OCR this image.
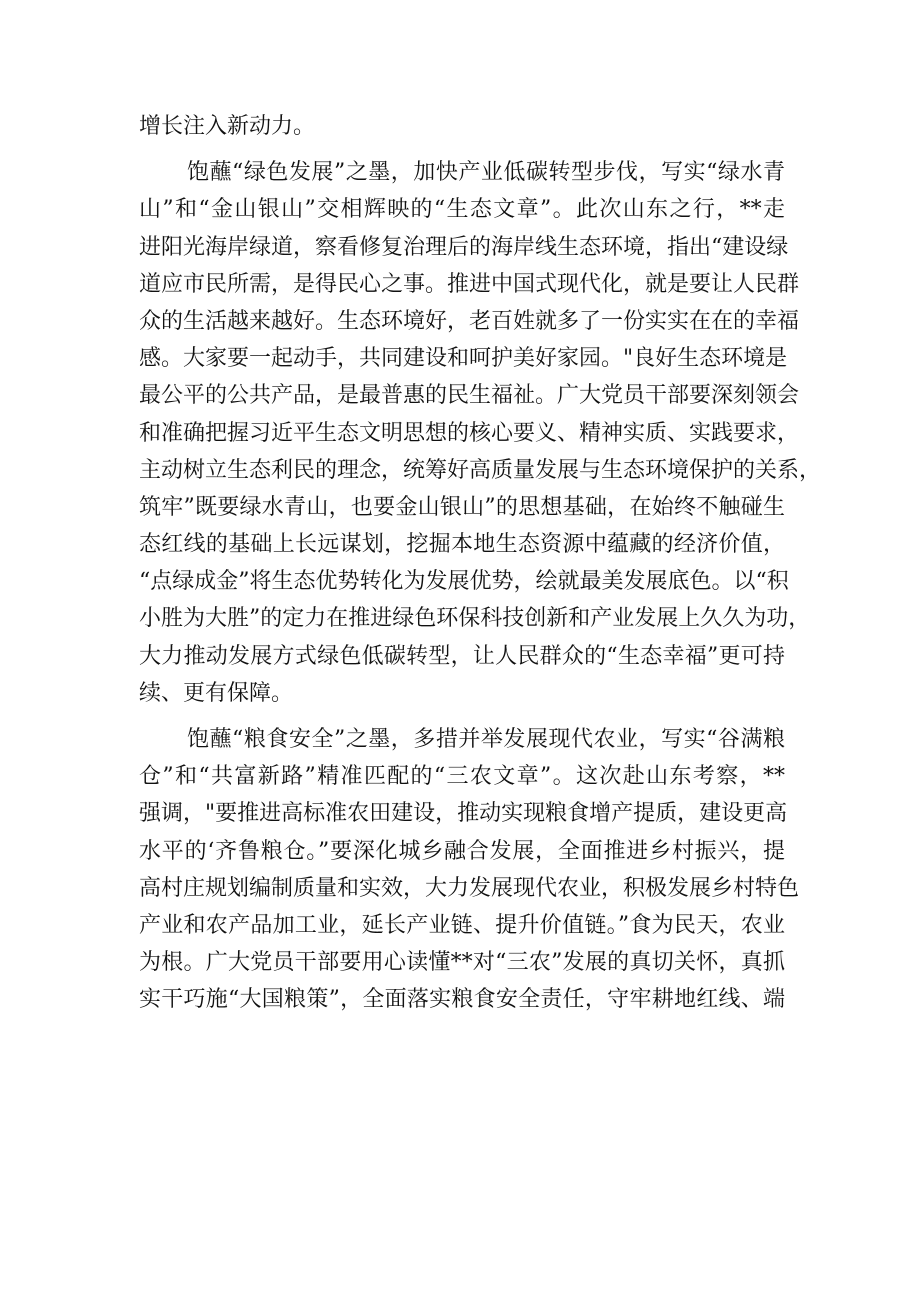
增长注入新动力。
饱蘸“绿色发展”之墨，加快产业低碳转型步伐，写实“绿水青
山”和“金山银山”交相辉映的“生态文章”。此次山东之行，**走
进阳光海岸绿道，察看修复治理后的海岸线生态环境，指出“建设绿
道应市民所需，是得民心之事。推进中国式现代化，就是要让人民群
众的生活越来越好。生态环境好，老百姓就多了一份实实在在的幸福
感。大家要一起动手，共同建设和呵护美好家园。"良好生态环境是
最公平的公共产品，是最普惠的民生福祉。广大党员干部要深刻领会
和准确把握习近平生态文明思想的核心要义、精神实质、实践要求，
主动树立生态利民的理念，统筹好高质量发展与生态环境保护的关系，
筑牢”既要绿水青山，也要金山银山”的思想基础，在始终不触碰生
态红线的基础上长远谋划，挖掘本地生态资源中蕴藏的经济价值，
“点绿成金”将生态优势转化为发展优势，绘就最美发展底色。以“积
小胜为大胜”的定力在推进绿色环保科技创新和产业发展上久久为功，
大力推动发展方式绿色低碳转型，让人民群众的“生态幸福”更可持
续、更有保障。
饱蘸“粮食安全”之墨，多措并举发展现代农业，写实“谷满粮
仓”和“共富新路”精准匹配的“三农文章”。这次赴山东考察，**
强调，"要推进高标准农田建设，推动实现粮食增产提质，建设更高
水平的‘齐鲁粮仓。”要深化城乡融合发展，全面推进乡村振兴，提
高村庄规划编制质量和实效，大力发展现代农业，积极发展乡村特色
产业和农产品加工业，延长产业链、提升价值链。”食为民天，农业
为根。广大党员干部要用心读懂**对“三农”发展的真切关怀，真抓
实干巧施“大国粮策”，全面落实粮食安全责任，守牢耕地红线、端
